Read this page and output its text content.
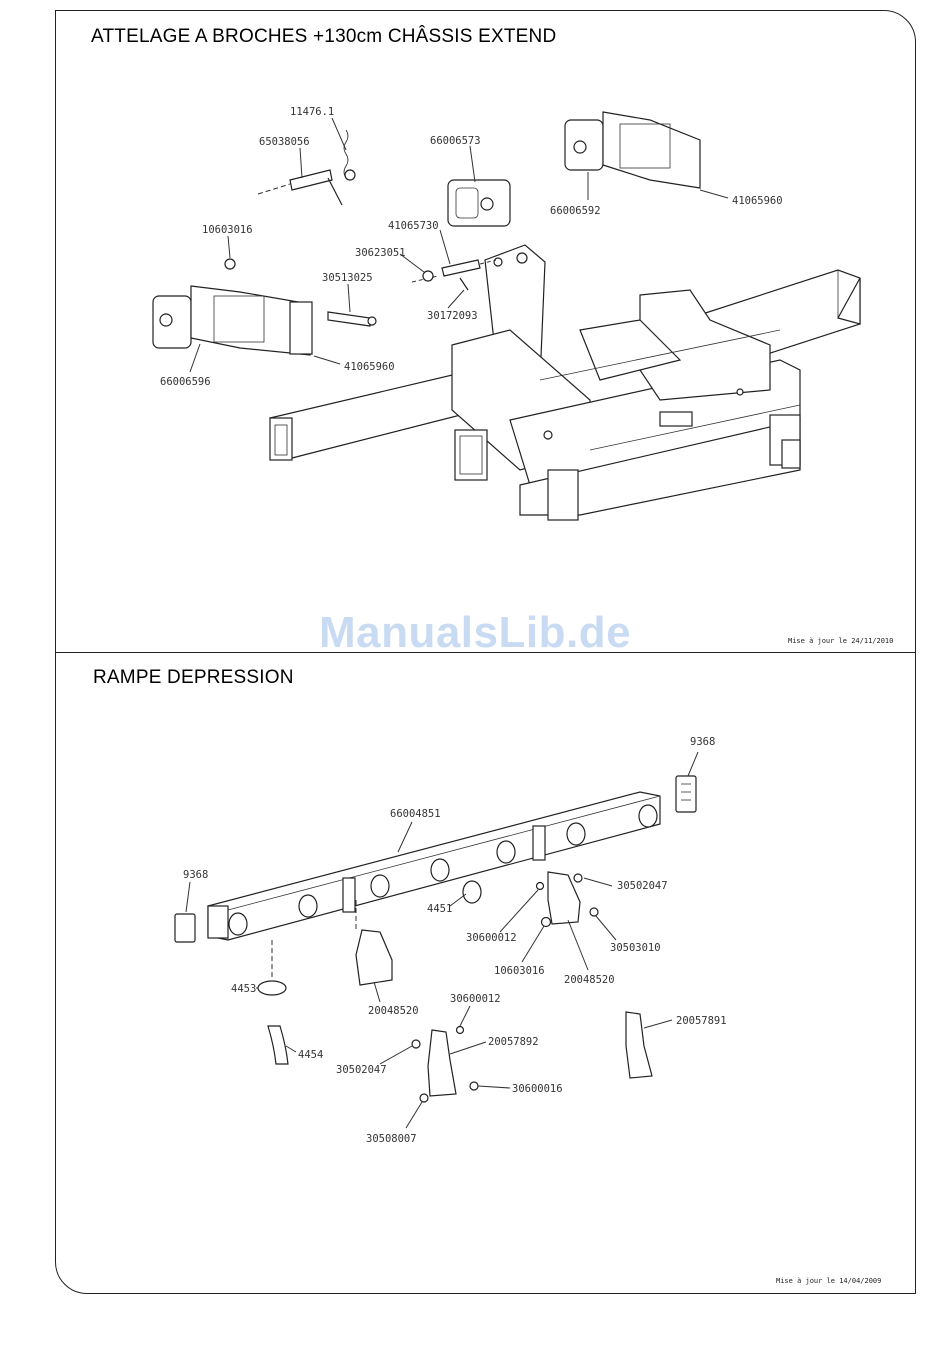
ATTELAGE A BROCHES +130cm CHÂSSIS EXTEND
RAMPE DEPRESSION
Mise à jour le 24/11/2010
Mise à jour le 14/04/2009
11476.1
65038056	66006573
66006592
41065960
41065730
30623051
30172093
10603016
30513025
41065960
66006596
9368
66004851
9368
4451
30502047
30600012
30503010
10603016
20048520
4453
20048520
30600012
20057892
20057891
4454
30502047
30600016
30508007
ManualsLib.de
